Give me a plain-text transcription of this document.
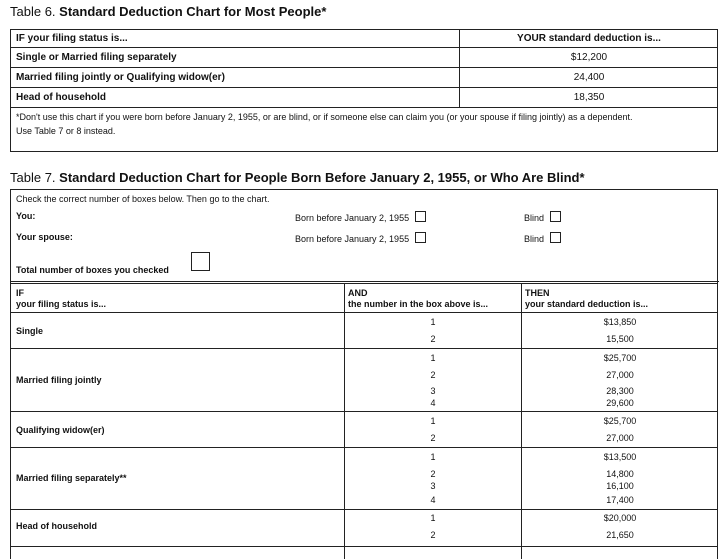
Table 6. Standard Deduction Chart for Most People*
IF your filing status is...	YOUR standard deduction is...
Single or Married filing separately	$12,200
Married filing jointly or Qualifying widow(er)	24,400
Head of household	18,350
*Don't use this chart if you were born before January 2, 1955, or are blind, or if someone else can claim you (or your spouse if filing jointly) as a dependent.
Use Table 7 or 8 instead.
Table 7. Standard Deduction Chart for People Born Before January 2, 1955, or Who Are Blind*
Check the correct number of boxes below. Then go to the chart.
You:	Born before January 2, 1955	Blind
Your spouse:	Born before January 2, 1955	Blind
Total number of boxes you checked
IF
your filing status is...
AND
the number in the box above is...
THEN
your standard deduction is...
Single
1	$13,850
2	15,500
Married filing jointly
1	$25,700
2	27,000
3	28,300
4	29,600
Qualifying widow(er)
1	$25,700
2	27,000
Married filing separately**
1	$13,500
2	14,800
3	16,100
4	17,400
Head of household
1	$20,000
2	21,650
